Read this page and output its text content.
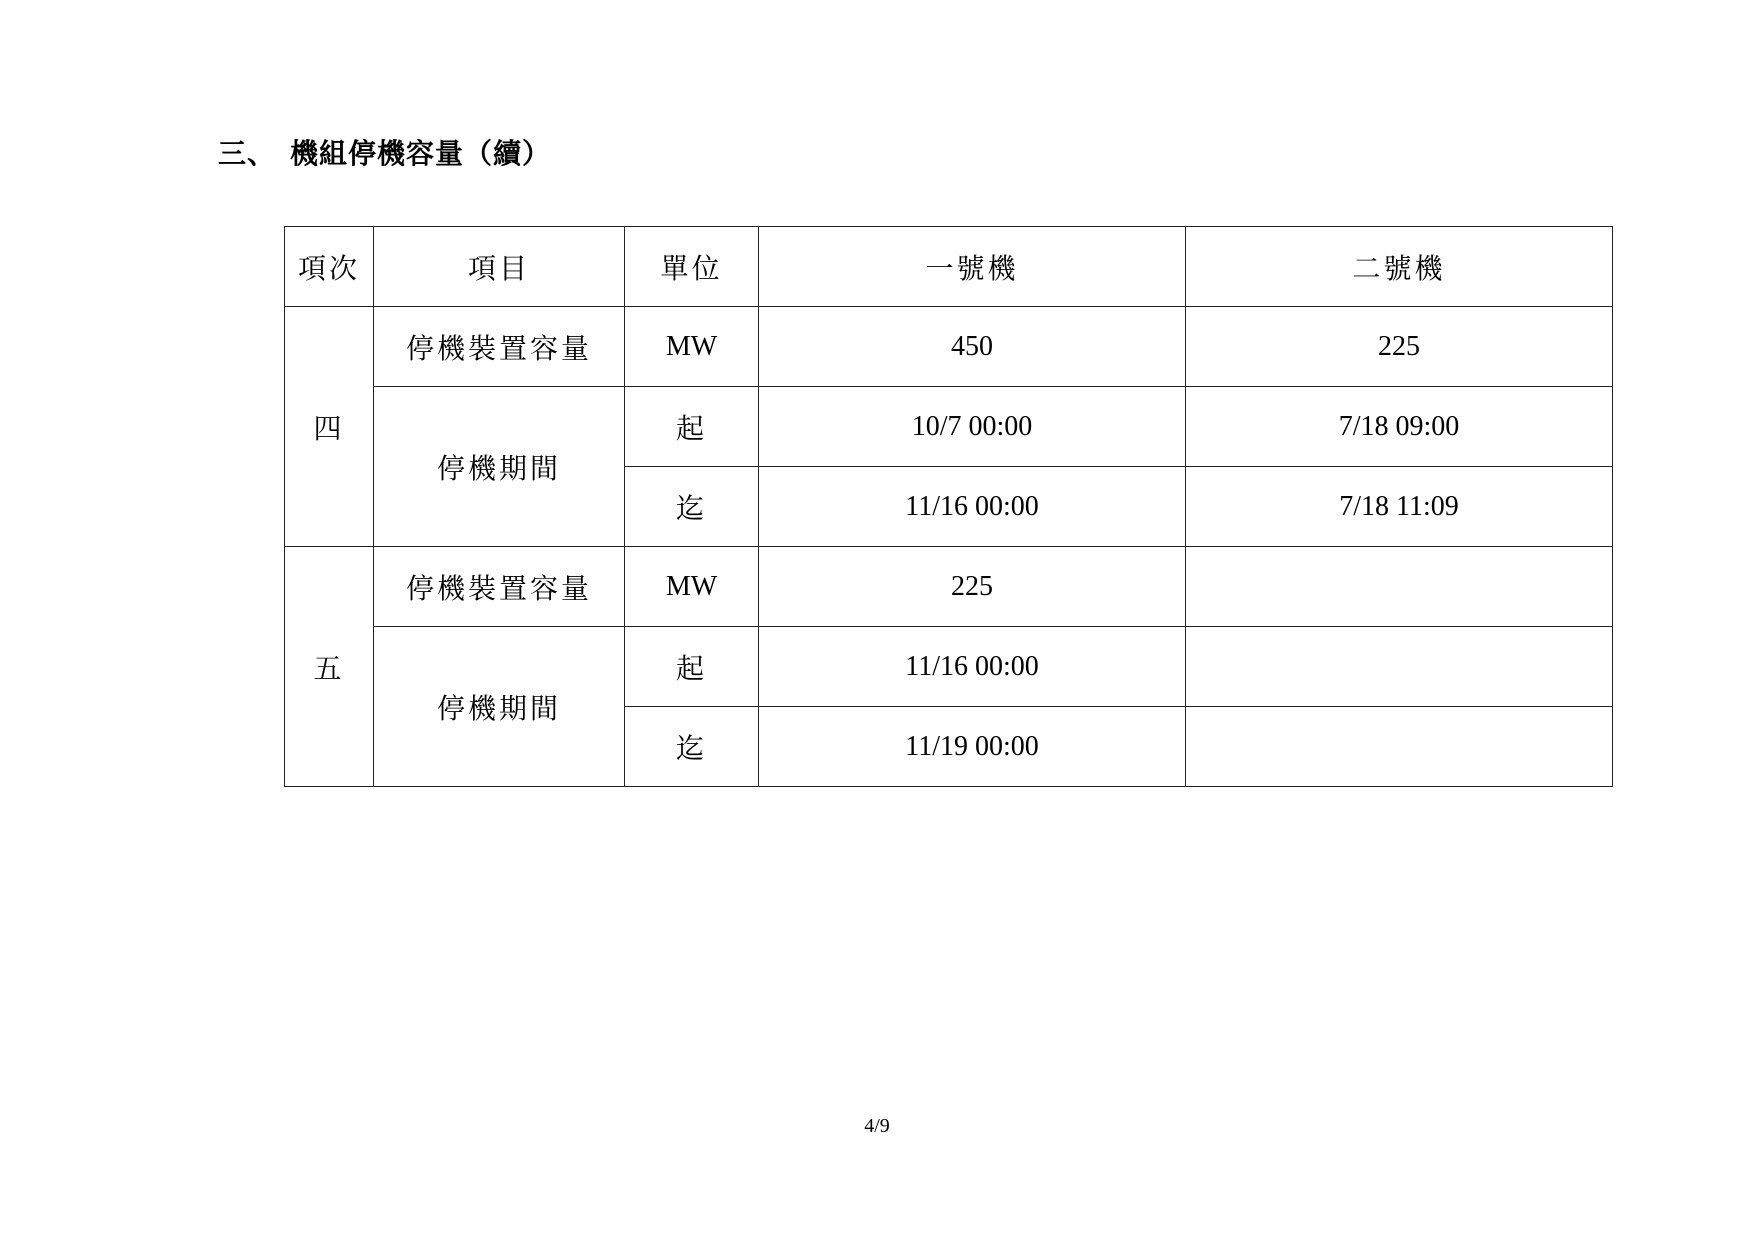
三、 機組停機容量（續）
項次	項目	單位	一號機	二號機
四	停機裝置容量	MW	450	225
	停機期間	起	10/7 00:00	7/18 09:00
		迄	11/16 00:00	7/18 11:09
五	停機裝置容量	MW	225	
	停機期間	起	11/16 00:00	
		迄	11/19 00:00	
4/9
